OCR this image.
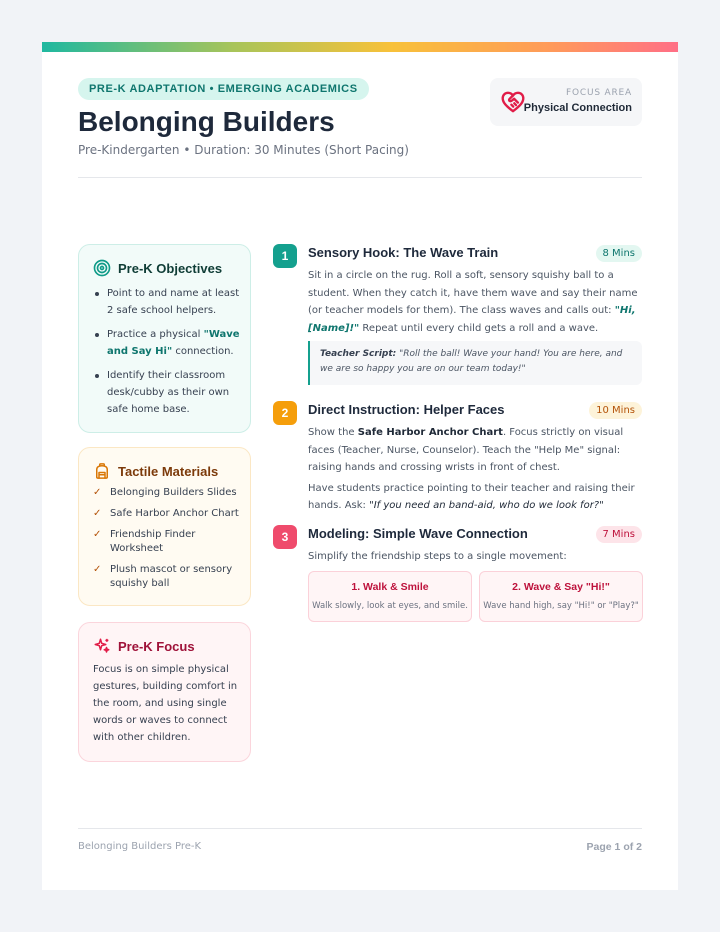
PRE-K ADAPTATION • EMERGING ACADEMICS
Belonging Builders
Pre-Kindergarten • Duration: 30 Minutes (Short Pacing)
FOCUS AREA
Physical Connection
Pre-K Objectives
Point to and name at least 2 safe school helpers.
Practice a physical "Wave and Say Hi" connection.
Identify their classroom desk/cubby as their own safe home base.
Tactile Materials
✓ Belonging Builders Slides
✓ Safe Harbor Anchor Chart
✓ Friendship Finder Worksheet
✓ Plush mascot or sensory squishy ball
Pre-K Focus

Focus is on simple physical gestures, building comfort in the room, and using single words or waves to connect with other children.

1	Sensory Hook: The Wave Train	8 Mins
Sit in a circle on the rug. Roll a soft, sensory squishy ball to a student. When they catch it, have them wave and say their name (or teacher models for them). The class waves and calls out: "Hi, [Name]!" Repeat until every child gets a roll and a wave.
Teacher Script: "Roll the ball! Wave your hand! You are here, and we are so happy you are on our team today!"
2	Direct Instruction: Helper Faces	10 Mins

Show the Safe Harbor Anchor Chart. Focus strictly on visual faces (Teacher, Nurse, Counselor). Teach the "Help Me" signal: raising hands and crossing wrists in front of chest.

Have students practice pointing to their teacher and raising their hands. Ask: "If you need an band-aid, who do we look for?"

3	Modeling: Simple Wave Connection	7 Mins
Simplify the friendship steps to a single movement:
1. Walk & Smile
Walk slowly, look at eyes, and smile.
2. Wave & Say "Hi!"
Wave hand high, say "Hi!" or "Play?"
Belonging Builders Pre-K	Page 1 of 2
